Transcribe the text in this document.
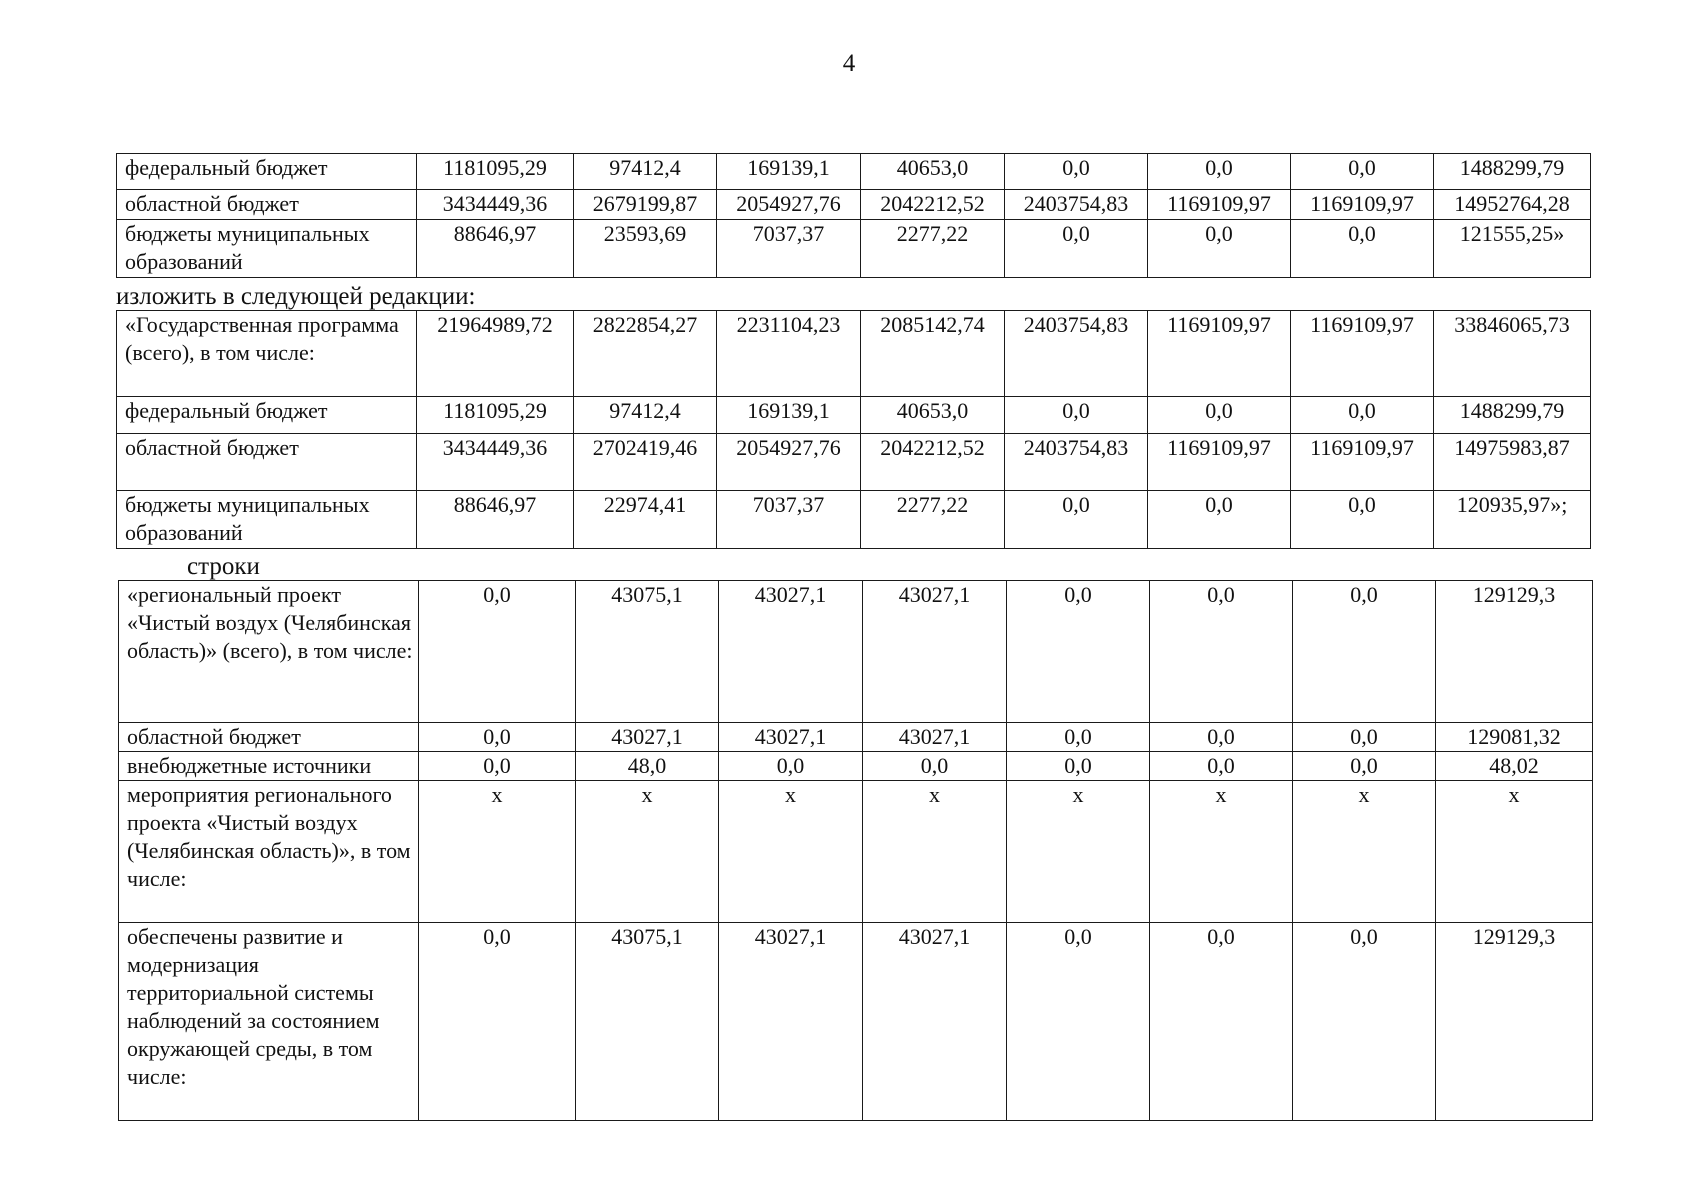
4
федеральный бюджет	1181095,29	97412,4	169139,1	40653,0	0,0	0,0	0,0	1488299,79
областной бюджет	3434449,36	2679199,87	2054927,76	2042212,52	2403754,83	1169109,97	1169109,97	14952764,28
бюджеты муниципальных образований	88646,97	23593,69	7037,37	2277,22	0,0	0,0	0,0	121555,25»
изложить в следующей редакции:
«Государственная программа (всего), в том числе:	21964989,72	2822854,27	2231104,23	2085142,74	2403754,83	1169109,97	1169109,97	33846065,73
федеральный бюджет	1181095,29	97412,4	169139,1	40653,0	0,0	0,0	0,0	1488299,79
областной бюджет	3434449,36	2702419,46	2054927,76	2042212,52	2403754,83	1169109,97	1169109,97	14975983,87
бюджеты муниципальных образований	88646,97	22974,41	7037,37	2277,22	0,0	0,0	0,0	120935,97»;
строки
«региональный проект «Чистый воздух (Челябинская область)» (всего), в том числе:	0,0	43075,1	43027,1	43027,1	0,0	0,0	0,0	129129,3
областной бюджет	0,0	43027,1	43027,1	43027,1	0,0	0,0	0,0	129081,32
внебюджетные источники	0,0	48,0	0,0	0,0	0,0	0,0	0,0	48,02
мероприятия регионального проекта «Чистый воздух (Челябинская область)», в том числе:	x	x	x	x	x	x	x	x
обеспечены развитие и модернизация территориальной системы наблюдений за состоянием окружающей среды, в том числе:	0,0	43075,1	43027,1	43027,1	0,0	0,0	0,0	129129,3
